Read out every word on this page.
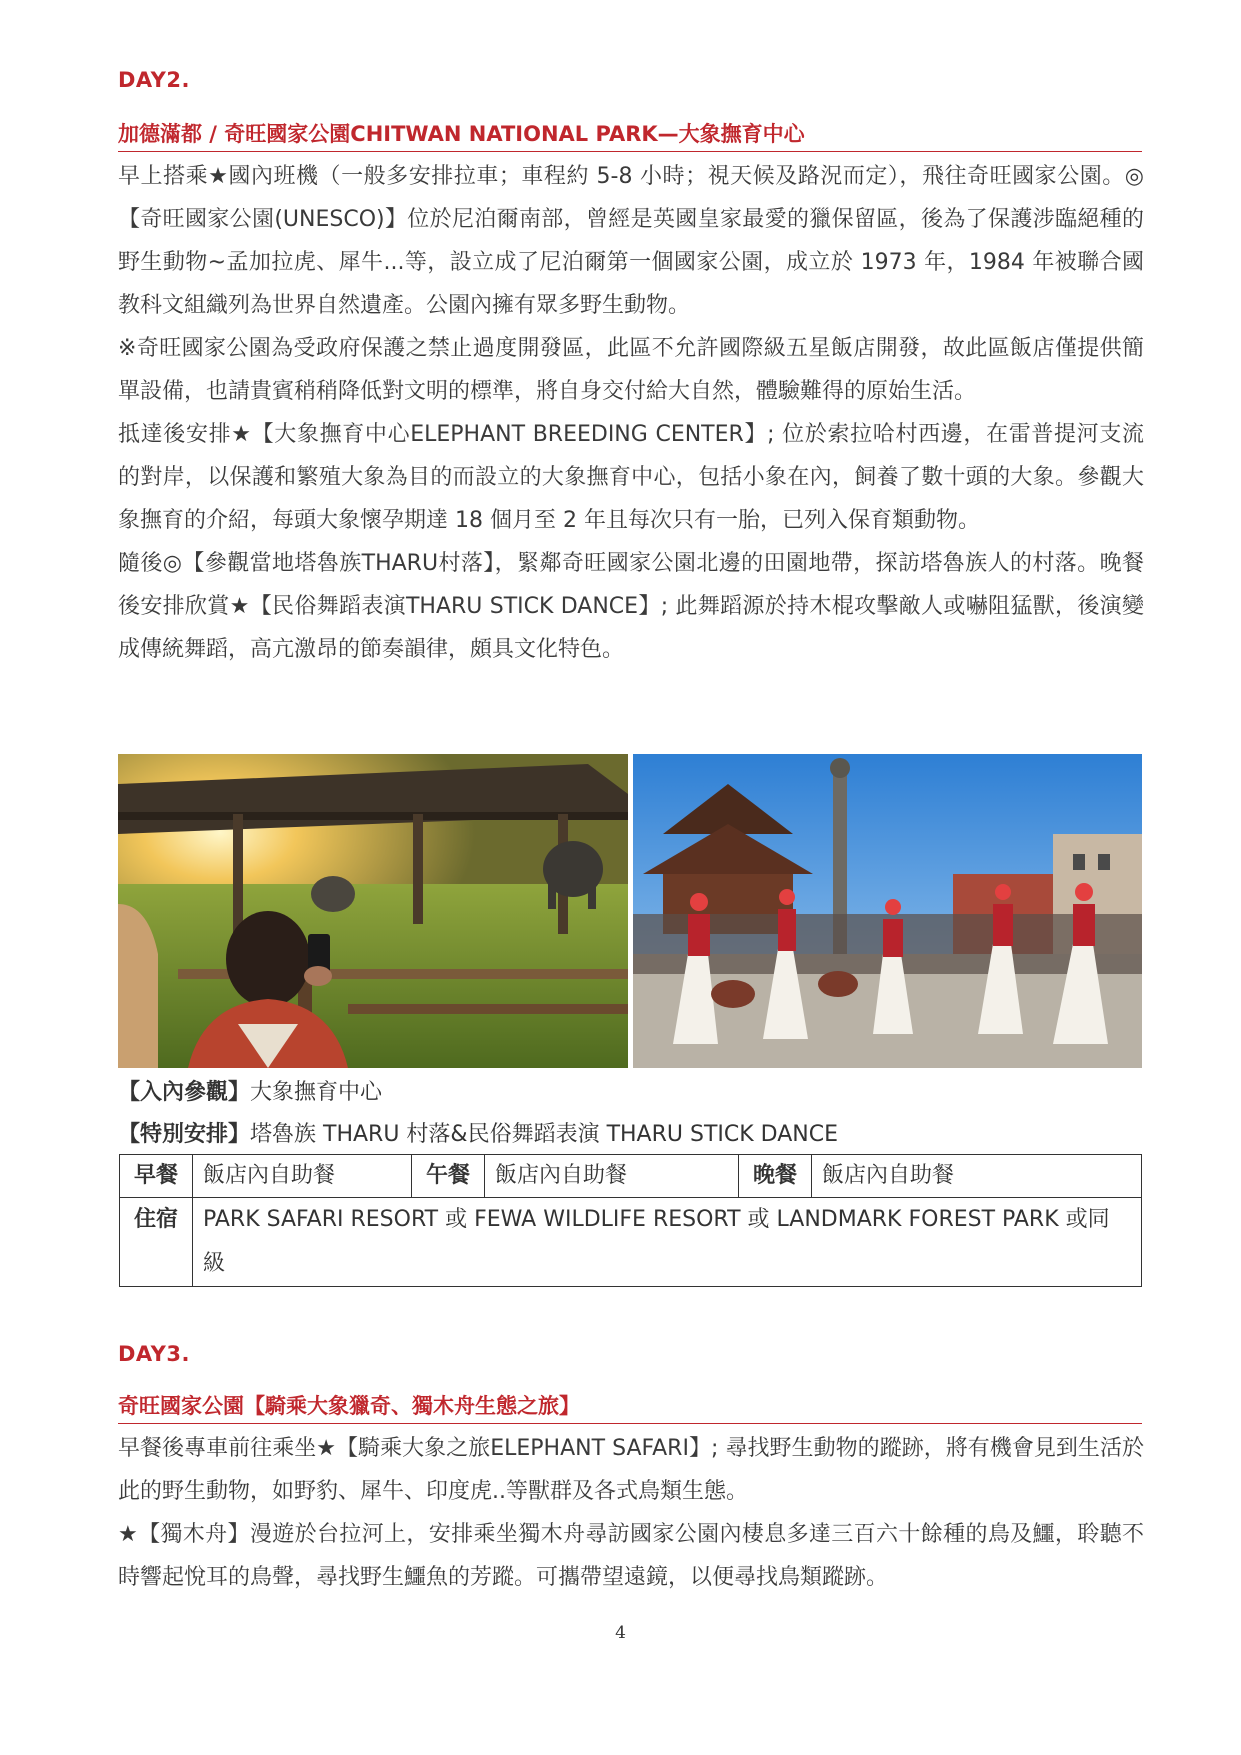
DAY2.
加德滿都 / 奇旺國家公園CHITWAN NATIONAL PARK—大象撫育中心

早上搭乘★國內班機（一般多安排拉車；車程約 5-8 小時；視天候及路況而定），飛往奇旺國家公園。◎【奇旺國家公園(UNESCO)】位於尼泊爾南部，曾經是英國皇家最愛的獵保留區，後為了保護涉臨絕種的野生動物~孟加拉虎、犀牛...等，設立成了尼泊爾第一個國家公園，成立於 1973 年，1984 年被聯合國教科文組織列為世界自然遺產。公園內擁有眾多野生動物。

※奇旺國家公園為受政府保護之禁止過度開發區，此區不允許國際級五星飯店開發，故此區飯店僅提供簡單設備，也請貴賓稍稍降低對文明的標準，將自身交付給大自然，體驗難得的原始生活。

抵達後安排★【大象撫育中心ELEPHANT BREEDING CENTER】; 位於索拉哈村西邊，在雷普提河支流的對岸，以保護和繁殖大象為目的而設立的大象撫育中心，包括小象在內，飼養了數十頭的大象。參觀大象撫育的介紹，每頭大象懷孕期達 18 個月至 2 年且每次只有一胎，已列入保育類動物。

隨後◎【參觀當地塔魯族THARU村落】，緊鄰奇旺國家公園北邊的田園地帶，探訪塔魯族人的村落。晚餐後安排欣賞★【民俗舞蹈表演THARU STICK DANCE】; 此舞蹈源於持木棍攻擊敵人或嚇阻猛獸，後演變成傳統舞蹈，高亢激昂的節奏韻律，頗具文化特色。

【入內參觀】大象撫育中心
【特別安排】塔魯族 THARU 村落&民俗舞蹈表演 THARU STICK DANCE
早餐	飯店內自助餐	午餐	飯店內自助餐	晚餐	飯店內自助餐
住宿	PARK SAFARI RESORT 或 FEWA WILDLIFE RESORT 或 LANDMARK FOREST PARK 或同級				
DAY3.
奇旺國家公園【騎乘大象獵奇、獨木舟生態之旅】

早餐後專車前往乘坐★【騎乘大象之旅ELEPHANT SAFARI】; 尋找野生動物的蹤跡，將有機會見到生活於此的野生動物，如野豹、犀牛、印度虎..等獸群及各式鳥類生態。

★【獨木舟】漫遊於台拉河上，安排乘坐獨木舟尋訪國家公園內棲息多達三百六十餘種的鳥及鱷，聆聽不時響起悅耳的鳥聲，尋找野生鱷魚的芳蹤。可攜帶望遠鏡，以便尋找鳥類蹤跡。

4
